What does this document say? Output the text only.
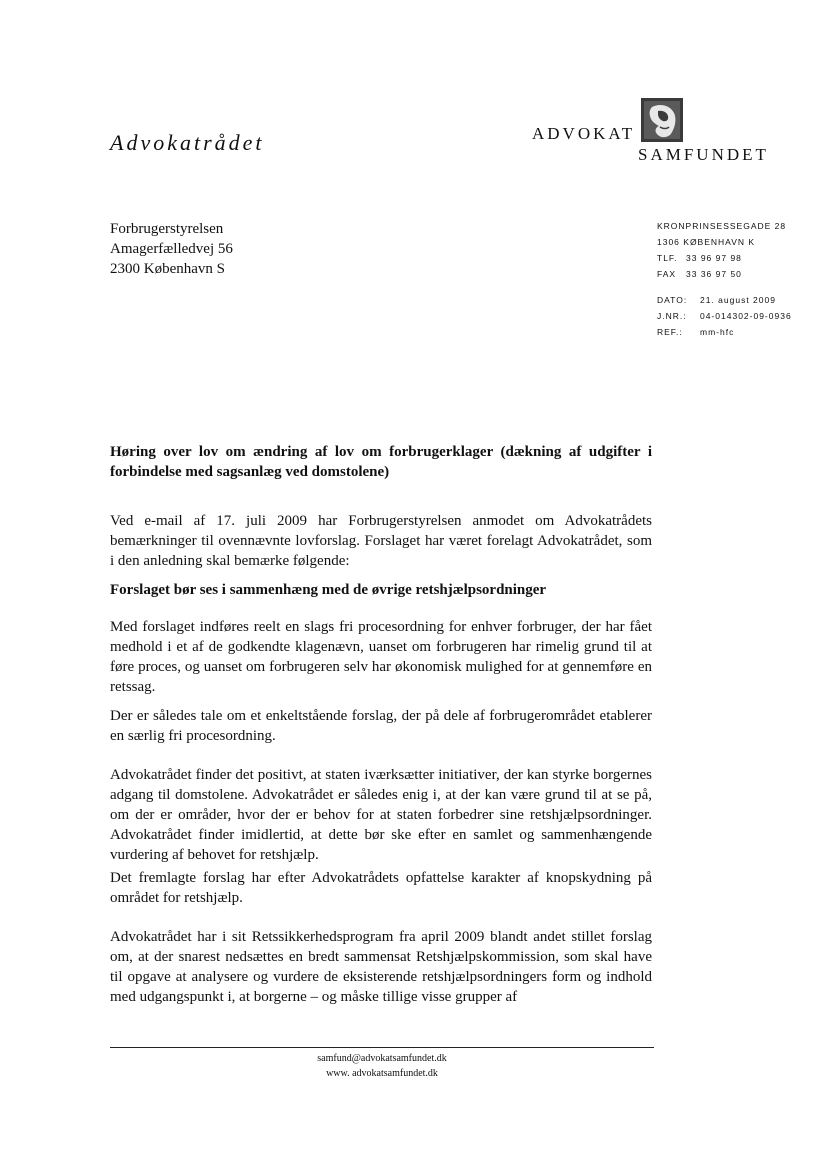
Advokatrådet	ADVOKAT
SAMFUNDET
Forbrugerstyrelsen
Amagerfælledvej 56
2300 København S
KRONPRINSESSEGADE 28
1306 KØBENHAVN K
TLF. 33 96 97 98
FAX 33 36 97 50
DATO: 21. august 2009
J.NR.: 04-014302-09-0936
REF.: mm-hfc
Høring over lov om ændring af lov om forbrugerklager (dækning af udgifter i forbindelse med sagsanlæg ved domstolene)
Ved e-mail af 17. juli 2009 har Forbrugerstyrelsen anmodet om Advokatrådets bemærkninger til ovennævnte lovforslag. Forslaget har været forelagt Advokatrådet, som i den anledning skal bemærke følgende:
Forslaget bør ses i sammenhæng med de øvrige retshjælpsordninger
Med forslaget indføres reelt en slags fri procesordning for enhver forbruger, der har fået medhold i et af de godkendte klagenævn, uanset om forbrugeren har rimelig grund til at føre proces, og uanset om forbrugeren selv har økonomisk mulighed for at gennemføre en retssag.
Der er således tale om et enkeltstående forslag, der på dele af forbrugerområdet etablerer en særlig fri procesordning.
Advokatrådet finder det positivt, at staten iværksætter initiativer, der kan styrke borgernes adgang til domstolene. Advokatrådet er således enig i, at der kan være grund til at se på, om der er områder, hvor der er behov for at staten forbedrer sine retshjælpsordninger. Advokatrådet finder imidlertid, at dette bør ske efter en samlet og sammenhængende vurdering af behovet for retshjælp.
Det fremlagte forslag har efter Advokatrådets opfattelse karakter af knopskydning på området for retshjælp.
Advokatrådet har i sit Retssikkerhedsprogram fra april 2009 blandt andet stillet forslag om, at der snarest nedsættes en bredt sammensat Retshjælpskommission, som skal have til opgave at analysere og vurdere de eksisterende retshjælpsordningers form og indhold med udgangspunkt i, at borgerne – og måske tillige visse grupper af
samfund@advokatsamfundet.dk
www. advokatsamfundet.dk
